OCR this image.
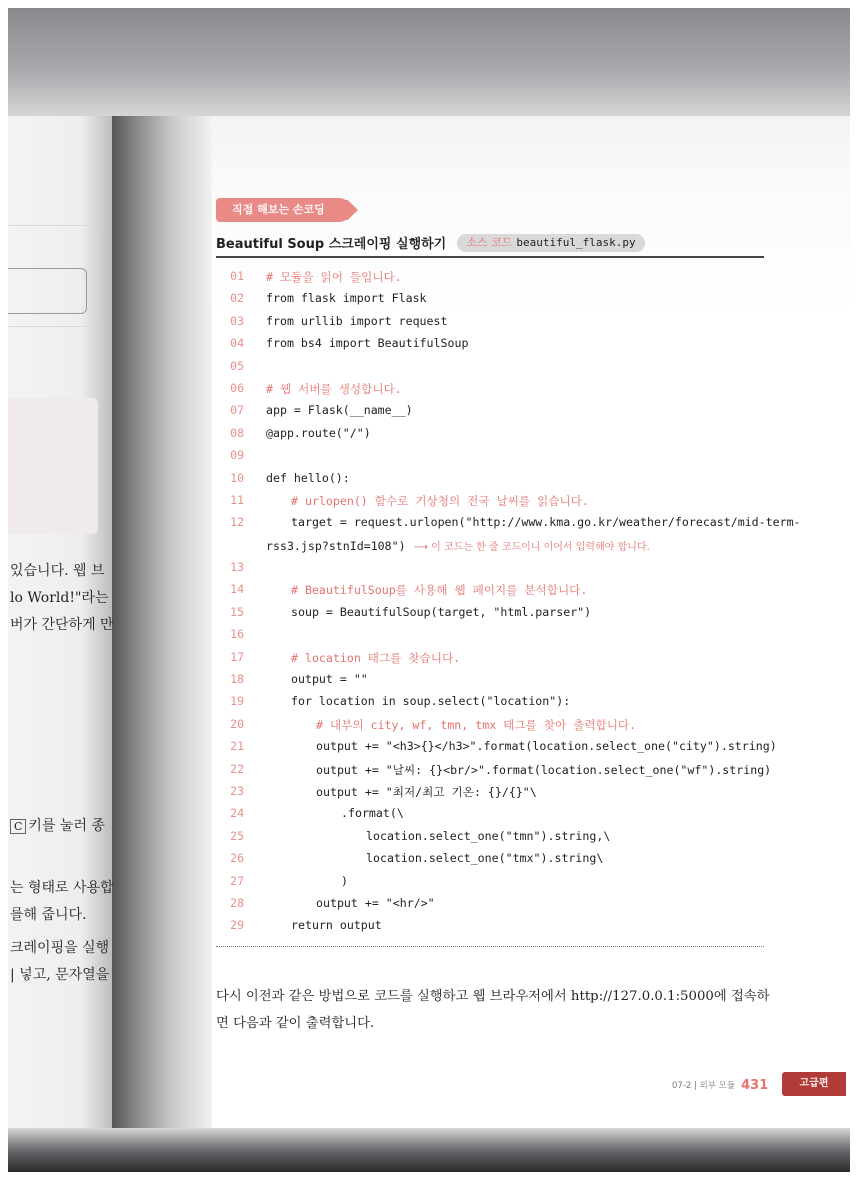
있습니다. 웹 브
lo World!"라는
버가 간단하게 만
C 키를 눌러 종
는 형태로 사용합
를해 줍니다.
크레이핑을 실행
| 넣고, 문자열을
직접 해보는 손코딩
Beautiful Soup 스크레이핑 실행하기 소스 코드 beautiful_flask.py
01 # 모듈을 읽어 들입니다.
02 from flask import Flask
03 from urllib import request
04 from bs4 import BeautifulSoup
05
06 # 웹 서버를 생성합니다.
07 app = Flask(__name__)
08 @app.route("/")
09
10 def hello():
11	# urlopen() 함수로 기상청의 전국 날씨를 읽습니다.
12	target = request.urlopen("http://www.kma.go.kr/weather/forecast/mid-term-
rss3.jsp?stnId=108") ⟶ 이 코드는 한 줄 코드이니 이어서 입력해야 합니다.
13
14	# BeautifulSoup를 사용해 웹 페이지를 분석합니다.
15	soup = BeautifulSoup(target, "html.parser")
16
17	# location 태그를 찾습니다.
18	output = ""
19	for location in soup.select("location"):
20	# 내부의 city, wf, tmn, tmx 태그를 찾아 출력합니다.
21	output += "<h3>{}</h3>".format(location.select_one("city").string)
22	output += "날씨: {}<br/>".format(location.select_one("wf").string)
23	output += "최저/최고 기온: {}/{}"\
24	.format(\
25	location.select_one("tmn").string,\
26	location.select_one("tmx").string\
27	)
28	output += "<hr/>"
29	return output
다시 이전과 같은 방법으로 코드를 실행하고 웹 브라우저에서 http://127.0.0.1:5000에 접속하면 다음과 같이 출력합니다.
07-2 | 외부 모듈 431	고급편
